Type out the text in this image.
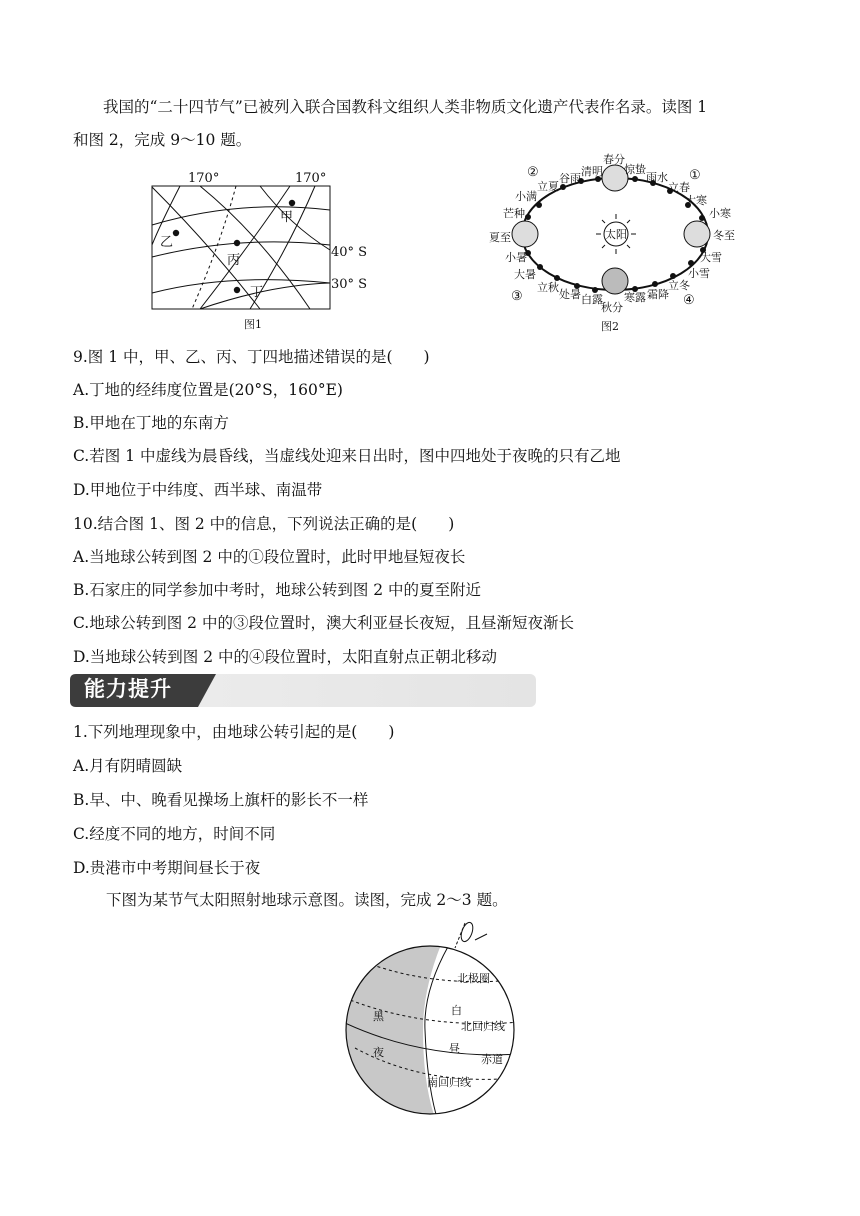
我国的“二十四节气”已被列入联合国教科文组织人类非物质文化遗产代表作名录。读图 1
和图 2，完成 9～10 题。
170°	170°
40° S
30° S
甲
乙
丙
丁
图1
太阳
春分
惊蛰
雨水
立春
大寒
小寒
冬至
大雪
小雪
立冬
霜降
寒露
秋分
白露
处暑
立秋
大暑
小暑
夏至
芒种
小满
立夏
谷雨
清明	①
②
③	④
图2
9.图 1 中，甲、乙、丙、丁四地描述错误的是(　　)
A.丁地的经纬度位置是(20°S，160°E)
B.甲地在丁地的东南方
C.若图 1 中虚线为晨昏线，当虚线处迎来日出时，图中四地处于夜晚的只有乙地
D.甲地位于中纬度、西半球、南温带
10.结合图 1、图 2 中的信息，下列说法正确的是(　　)
A.当地球公转到图 2 中的①段位置时，此时甲地昼短夜长
B.石家庄的同学参加中考时，地球公转到图 2 中的夏至附近
C.地球公转到图 2 中的③段位置时，澳大利亚昼长夜短，且昼渐短夜渐长
D.当地球公转到图 2 中的④段位置时，太阳直射点正朝北移动
能力提升
1.下列地理现象中，由地球公转引起的是(　　)
A.月有阴晴圆缺
B.早、中、晚看见操场上旗杆的影长不一样
C.经度不同的地方，时间不同
D.贵港市中考期间昼长于夜
下图为某节气太阳照射地球示意图。读图，完成 2～3 题。
北极圈
白
北回归线
黑
夜	昼
赤道
南回归线
